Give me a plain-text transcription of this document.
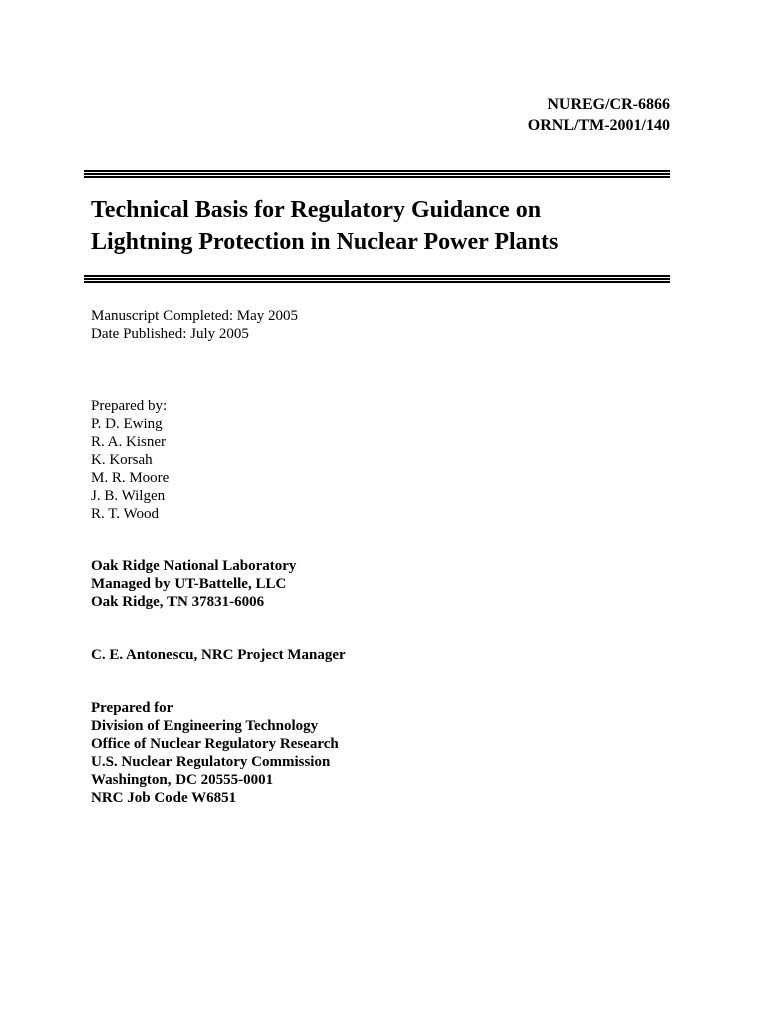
NUREG/CR-6866
ORNL/TM-2001/140
Technical Basis for Regulatory Guidance on
Lightning Protection in Nuclear Power Plants
Manuscript Completed: May 2005
Date Published: July 2005
Prepared by:
P. D. Ewing
R. A. Kisner
K. Korsah
M. R. Moore
J. B. Wilgen
R. T. Wood
Oak Ridge National Laboratory
Managed by UT-Battelle, LLC
Oak Ridge, TN 37831-6006
C. E. Antonescu, NRC Project Manager
Prepared for
Division of Engineering Technology
Office of Nuclear Regulatory Research
U.S. Nuclear Regulatory Commission
Washington, DC 20555-0001
NRC Job Code W6851
